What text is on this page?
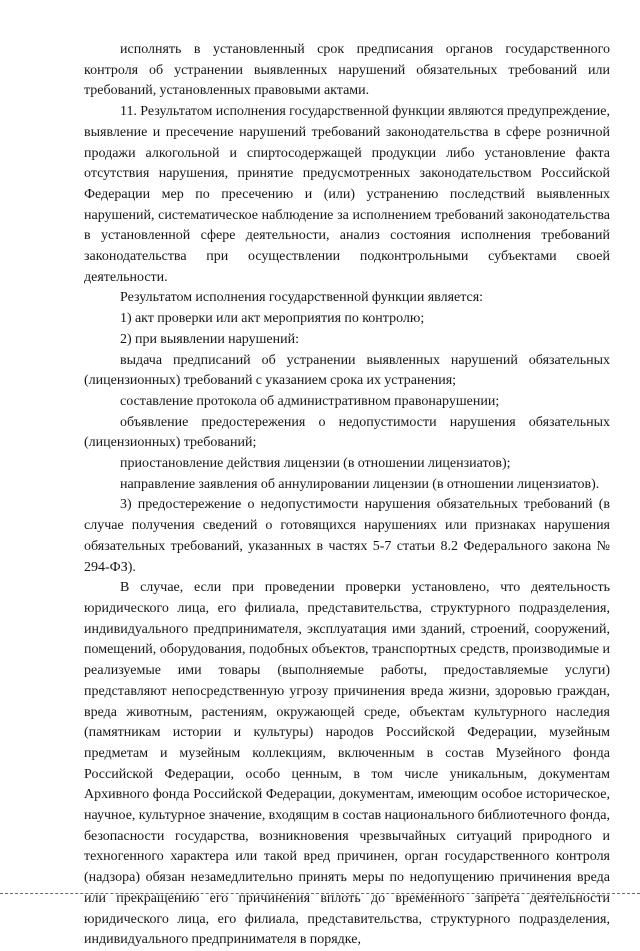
исполнять в установленный срок предписания органов государственного контроля об устранении выявленных нарушений обязательных требований или требований, установленных правовыми актами.

11. Результатом исполнения государственной функции являются предупреждение, выявление и пресечение нарушений требований законодательства в сфере розничной продажи алкогольной и спиртосодержащей продукции либо установление факта отсутствия нарушения, принятие предусмотренных законодательством Российской Федерации мер по пресечению и (или) устранению последствий выявленных нарушений, систематическое наблюдение за исполнением требований законодательства в установленной сфере деятельности, анализ состояния исполнения требований законодательства при осуществлении подконтрольными субъектами своей деятельности.

Результатом исполнения государственной функции является:

1) акт проверки или акт мероприятия по контролю;

2) при выявлении нарушений:

выдача предписаний об устранении выявленных нарушений обязательных (лицензионных) требований с указанием срока их устранения;

составление протокола об административном правонарушении;

объявление предостережения о недопустимости нарушения обязательных (лицензионных) требований;

приостановление действия лицензии (в отношении лицензиатов);

направление заявления об аннулировании лицензии (в отношении лицензиатов).

3) предостережение о недопустимости нарушения обязательных требований (в случае получения сведений о готовящихся нарушениях или признаках нарушения обязательных требований, указанных в частях 5-7 статьи 8.2 Федерального закона № 294-ФЗ).

В случае, если при проведении проверки установлено, что деятельность юридического лица, его филиала, представительства, структурного подразделения, индивидуального предпринимателя, эксплуатация ими зданий, строений, сооружений, помещений, оборудования, подобных объектов, транспортных средств, производимые и реализуемые ими товары (выполняемые работы, предоставляемые услуги) представляют непосредственную угрозу причинения вреда жизни, здоровью граждан, вреда животным, растениям, окружающей среде, объектам культурного наследия (памятникам истории и культуры) народов Российской Федерации, музейным предметам и музейным коллекциям, включенным в состав Музейного фонда Российской Федерации, особо ценным, в том числе уникальным, документам Архивного фонда Российской Федерации, документам, имеющим особое историческое, научное, культурное значение, входящим в состав национального библиотечного фонда, безопасности государства, возникновения чрезвычайных ситуаций природного и техногенного характера или такой вред причинен, орган государственного контроля (надзора) обязан незамедлительно принять меры по недопущению причинения вреда или прекращению его причинения вплоть до временного запрета деятельности юридического лица, его филиала, представительства, структурного подразделения, индивидуального предпринимателя в порядке,
